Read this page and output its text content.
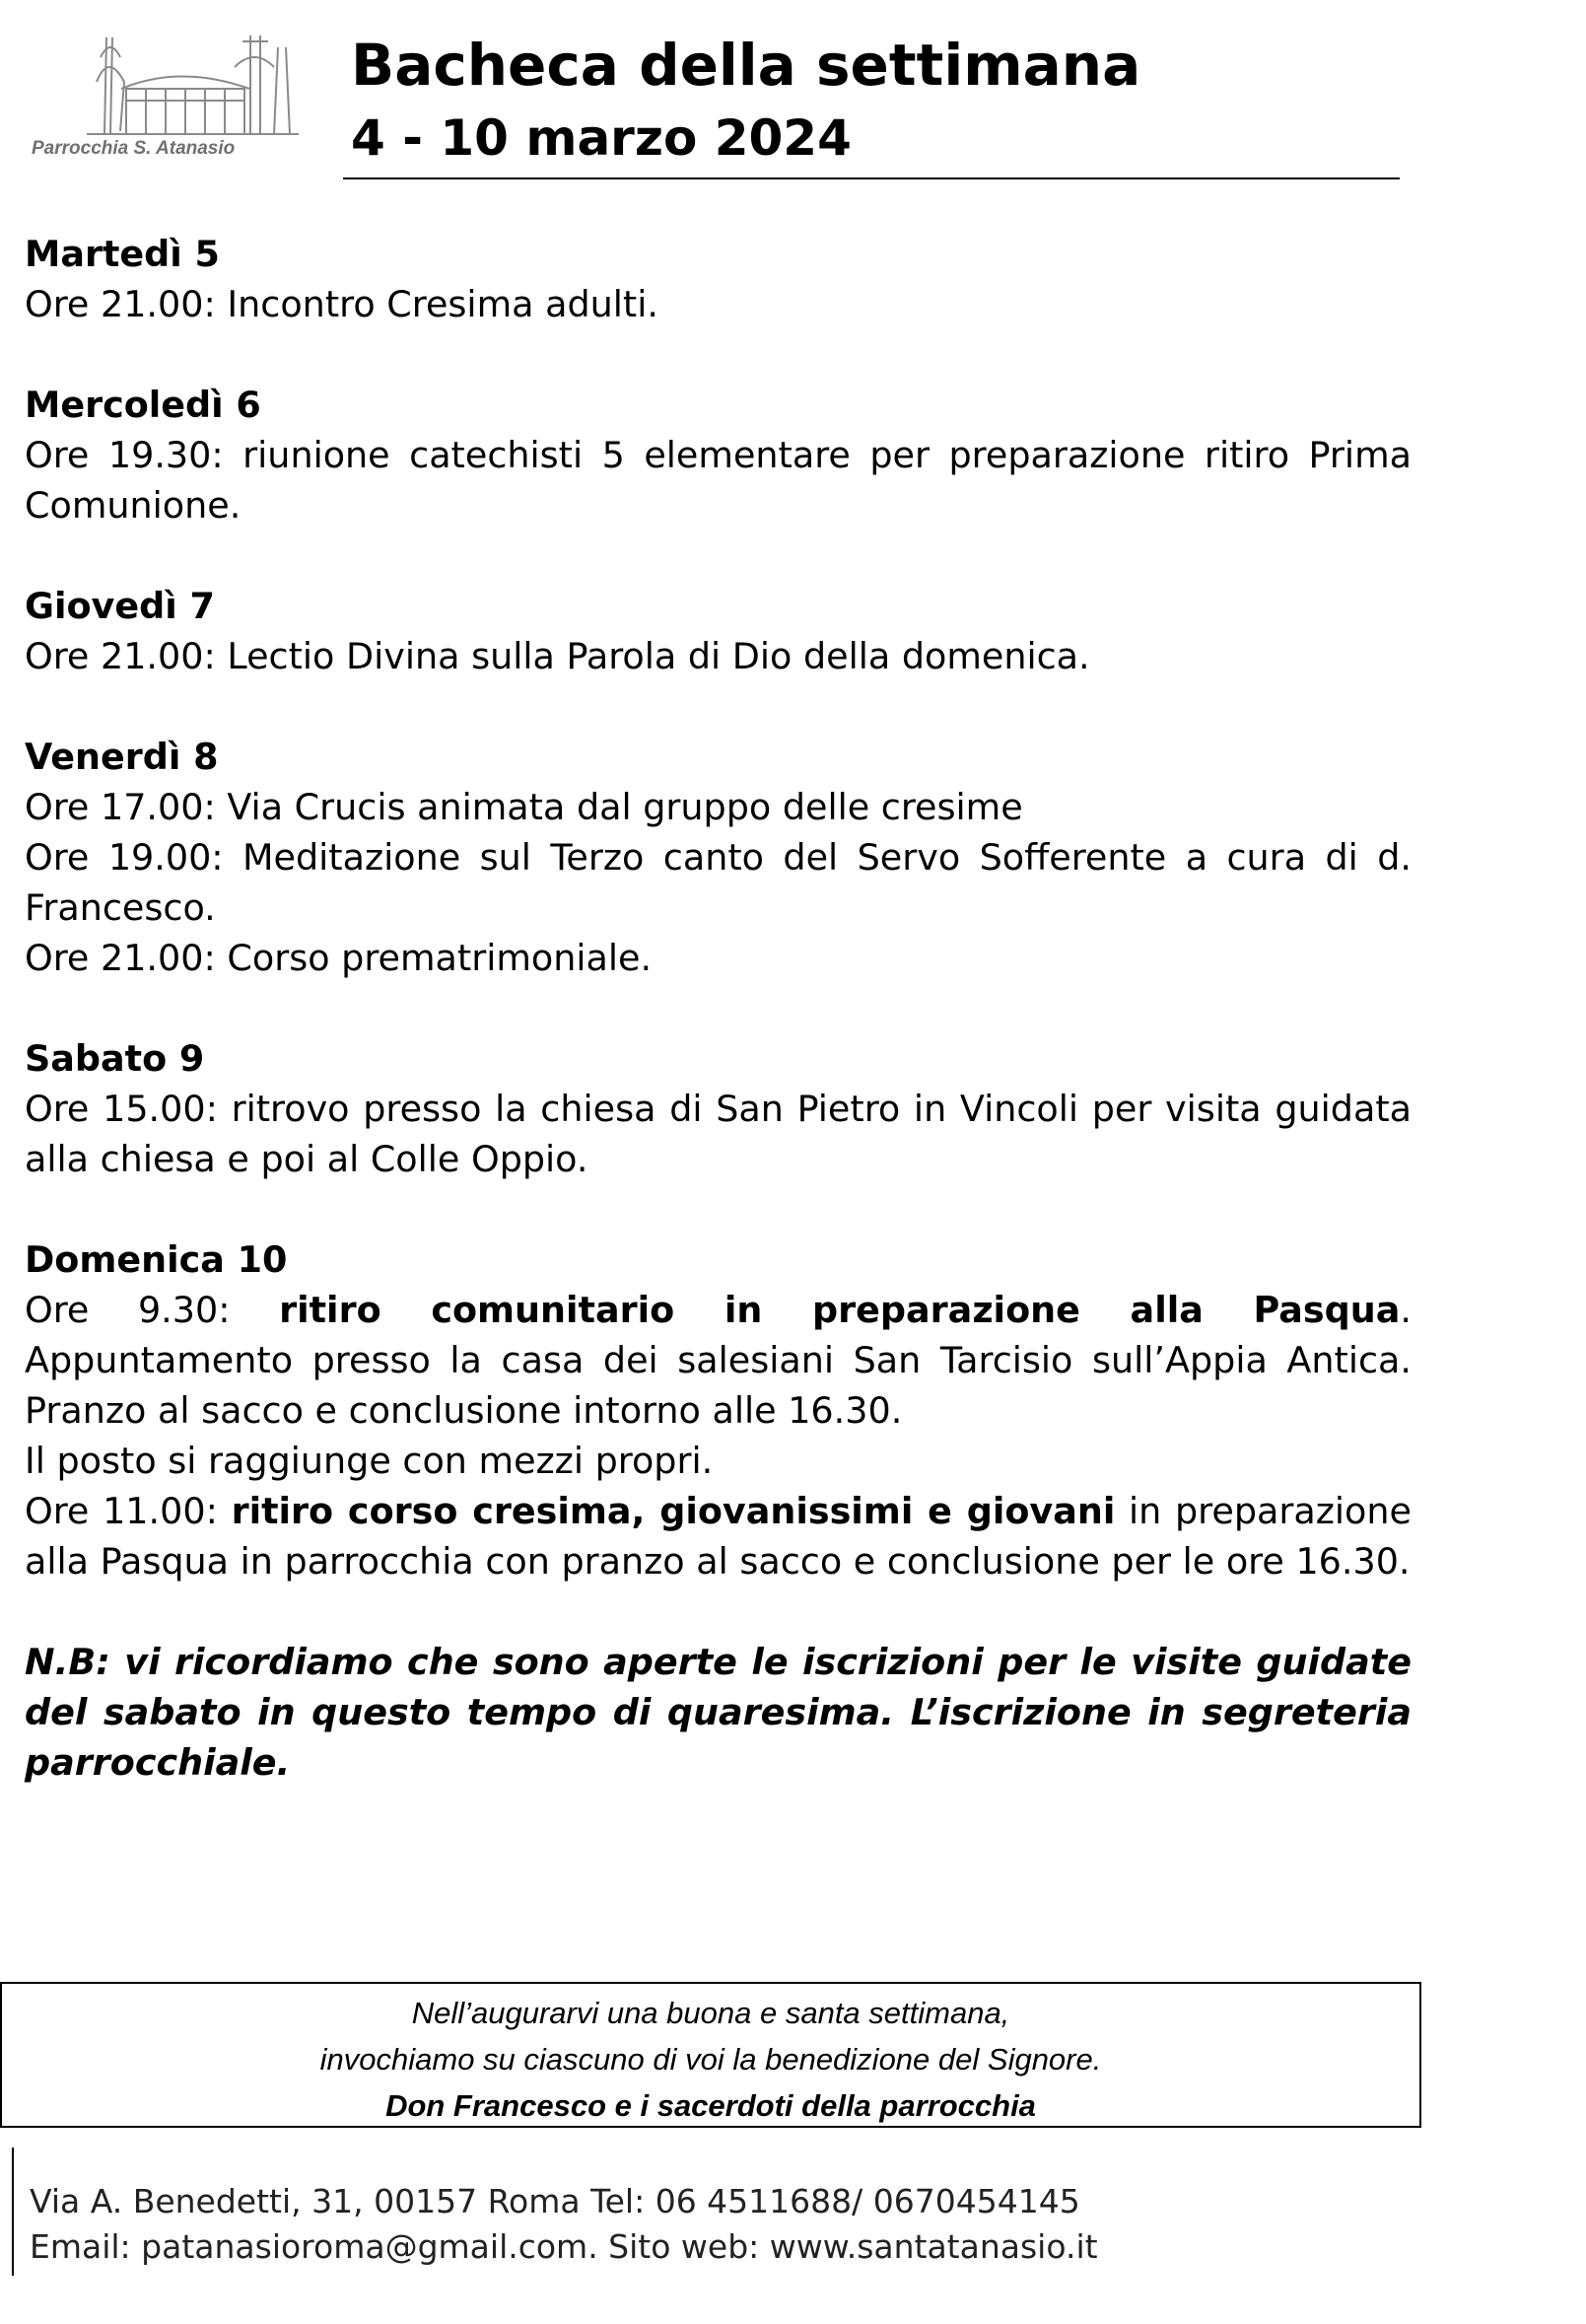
Parrocchia S. Atanasio
Bacheca della settimana
4 - 10 marzo 2024
Martedì 5
Ore 21.00: Incontro Cresima adulti.
Mercoledì 6
Ore 19.30: riunione catechisti 5 elementare per preparazione ritiro Prima Comunione.
Giovedì 7
Ore 21.00: Lectio Divina sulla Parola di Dio della domenica.
Venerdì 8
Ore 17.00: Via Crucis animata dal gruppo delle cresime
Ore 19.00: Meditazione sul Terzo canto del Servo Sofferente a cura di d. Francesco.
Ore 21.00: Corso prematrimoniale.
Sabato 9
Ore 15.00: ritrovo presso la chiesa di San Pietro in Vincoli per visita guidata alla chiesa e poi al Colle Oppio.
Domenica 10
Ore 9.30: ritiro comunitario in preparazione alla Pasqua. Appuntamento presso la casa dei salesiani San Tarcisio sull’Appia Antica. Pranzo al sacco e conclusione intorno alle 16.30.
Il posto si raggiunge con mezzi propri.
Ore 11.00: ritiro corso cresima, giovanissimi e giovani in preparazione alla Pasqua in parrocchia con pranzo al sacco e conclusione per le ore 16.30.
N.B: vi ricordiamo che sono aperte le iscrizioni per le visite guidate del sabato in questo tempo di quaresima. L’iscrizione in segreteria parrocchiale.
Nell’augurarvi una buona e santa settimana,
invochiamo su ciascuno di voi la benedizione del Signore.
Don Francesco e i sacerdoti della parrocchia
Via A. Benedetti, 31, 00157 Roma Tel: 06 4511688/ 0670454145
Email: patanasioroma@gmail.com. Sito web: www.santatanasio.it
